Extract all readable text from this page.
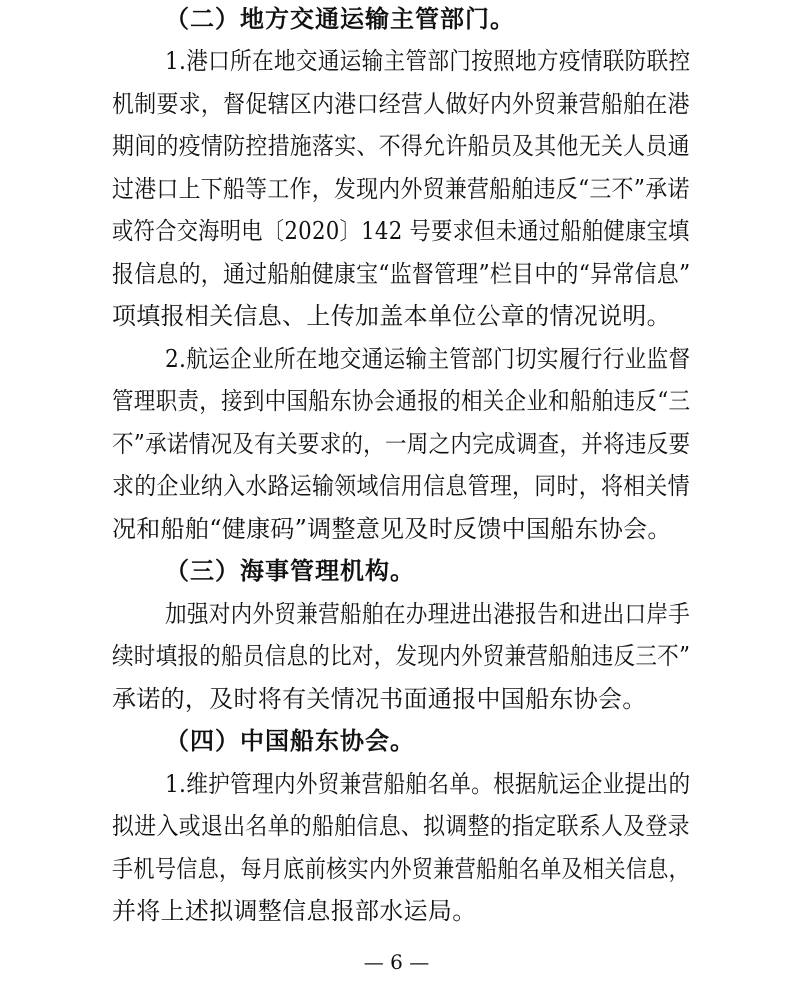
（二）地方交通运输主管部门。
1.港口所在地交通运输主管部门按照地方疫情联防联控
机制要求，督促辖区内港口经营人做好内外贸兼营船舶在港
期间的疫情防控措施落实、不得允许船员及其他无关人员通
过港口上下船等工作，发现内外贸兼营船舶违反“三不”承诺
或符合交海明电〔2020〕142 号要求但未通过船舶健康宝填
报信息的，通过船舶健康宝“监督管理”栏目中的“异常信息”
项填报相关信息、上传加盖本单位公章的情况说明。
2.航运企业所在地交通运输主管部门切实履行行业监督
管理职责，接到中国船东协会通报的相关企业和船舶违反“三
不”承诺情况及有关要求的，一周之内完成调查，并将违反要
求的企业纳入水路运输领域信用信息管理，同时，将相关情
况和船舶“健康码”调整意见及时反馈中国船东协会。
（三）海事管理机构。
加强对内外贸兼营船舶在办理进出港报告和进出口岸手
续时填报的船员信息的比对，发现内外贸兼营船舶违反三不”
承诺的，及时将有关情况书面通报中国船东协会。
（四）中国船东协会。
1.维护管理内外贸兼营船舶名单。根据航运企业提出的
拟进入或退出名单的船舶信息、拟调整的指定联系人及登录
手机号信息，每月底前核实内外贸兼营船舶名单及相关信息，
并将上述拟调整信息报部水运局。
— 6 —
